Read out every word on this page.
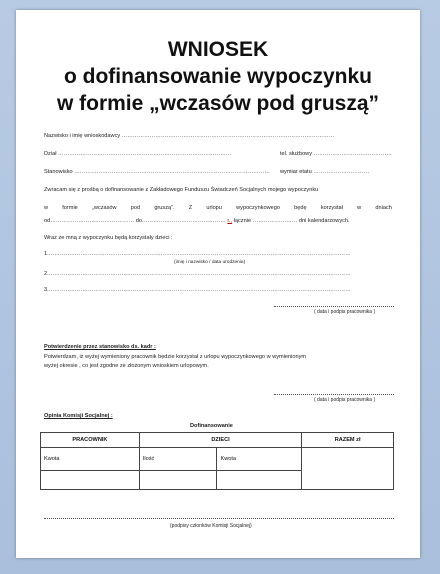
WNIOSEK
o dofinansowanie wypoczynku
w formie „wczasów pod gruszą”
Nazwisko i imię wnioskodawcy ……………………………………………………………………………………………………
Dział …………………………………………………………………………………	tel. służbowy ……………………………………
Stanowisko …………………………………………………………………………………………… wymiar etatu …………………………
Zwracam się z prośbą o dofinansowanie z Zakładowego Funduszu Świadczeń Socjalnych mojego wypoczynku
w	formie	„wczasów	pod	gruszą”.	Z	urlopu	wypoczynkowego	będę	korzystał	w	dniach
od……………………………………… do……………………………………… r., łącznie …………………… dni kalendarzowych.
Wraz ze mną z wypoczynku będą korzystały dzieci :
1.………………………………………………………………………………………………………………………………………………
(imię i nazwisko / data urodzenia)
2.………………………………………………………………………………………………………………………………………………
3.………………………………………………………………………………………………………………………………………………
( data i podpis pracownika )
Potwierdzenie przez stanowisko ds. kadr :
Potwierdzam, iż wyżej wymieniony pracownik będzie korzystał z urlopu wypoczynkowego w wymienionym
wyżej okresie , co jest zgodne ze złożonym wnioskiem urlopowym.
( data i podpis pracownika )
Opinia Komisji Socjalnej :
Dofinansowanie
PRACOWNIK	DZIECI		RAZEM zł
Kwota	Ilość	Kwota	

(podpisy członków Komisji Socjalnej)
